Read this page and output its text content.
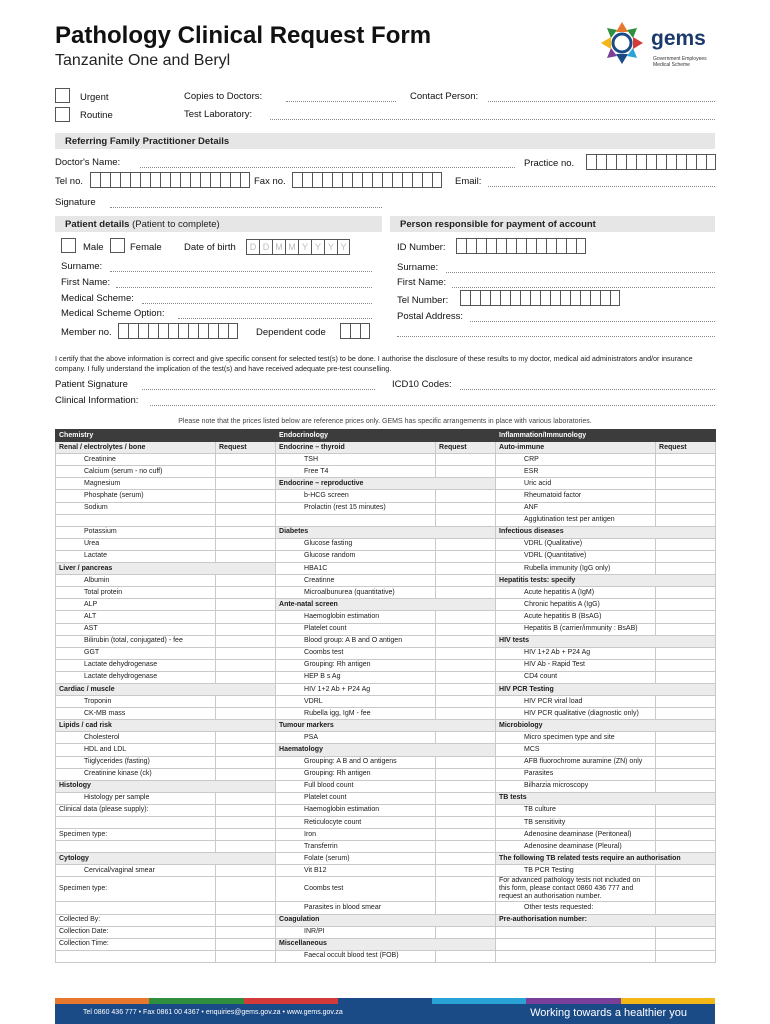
Pathology Clinical Request Form
Tanzanite One and Beryl
gems
Government Employees
Medical Scheme
Urgent
Routine
Copies to Doctors:	Contact Person:
Test Laboratory:
Referring Family Practitioner Details
Doctor's Name:	Practice no.
Tel no.	Fax no.	Email:
Signature
Patient details (Patient to complete)
Male	Female Date of birth	D D M M Y Y Y Y
Surname:
First Name:
Medical Scheme:
Medical Scheme Option:
Member no.	Dependent code
Person responsible for payment of account
ID Number:
Surname:
First Name:
Tel Number:
Postal Address:
I certify that the above information is correct and give specific consent for selected test(s) to be done. I authorise the disclosure of these results to my doctor, medical aid administrators and/or insurance company. I fully understand the implication of the test(s) and have received adequate pre-test counselling.
Patient Signature	ICD10 Codes:
Clinical Information:
Please note that the prices listed below are reference prices only. GEMS has specific arrangements in place with various laboratories.
Chemistry		Endocrinology		Inflammation/Immunology	
Renal / electrolytes / bone	Request	Endocrine – thyroid	Request	Auto-immune	Request
Creatinine		TSH		CRP	
Calcium (serum - no cuff)		Free T4		ESR	
Magnesium		Endocrine – reproductive		Uric acid	
Phosphate (serum)		b-HCG screen		Rheumatoid factor	
Sodium		Prolactin (rest 15 minutes)		ANF	
				Agglutination test per antigen	
Potassium		Diabetes		Infectious diseases	
Urea		Glucose fasting		VDRL (Qualitative)	
Lactate		Glucose random		VDRL (Quantitative)	
Liver / pancreas		HBA1C		Rubella immunity (IgG only)	
Albumin		Creatinne		Hepatitis tests: specify	
Total protein		Microalbunurea (quantitative)		Acute hepatitis A (IgM)	
ALP		Ante-natal screen		Chronic hepatitis A (IgG)	
ALT		Haemoglobin estimation		Acute hepatitis B (BsAG)	
AST		Platelet count		Hepatitis B (carrier/immunity : BsAB)	
Bilirubin (total, conjugated) - fee		Blood group: A B and O antigen		HIV tests	
GGT		Coombs test		HIV 1+2 Ab + P24 Ag	
Lactate dehydrogenase		Grouping: Rh antigen		HIV Ab - Rapid Test	
Lactate dehydrogenase		HEP B s Ag		CD4 count	
Cardiac / muscle		HIV 1+2 Ab + P24 Ag		HIV PCR Testing	
Troponin		VDRL		HIV PCR viral load	
CK-MB mass		Rubella igg, IgM - fee		HIV PCR qualitative (diagnostic only)	
Lipids / cad risk		Tumour markers		Microbiology	
Cholesterol		PSA		Micro specimen type and site	
HDL and LDL		Haematology		MCS	
Tiiglycerides (fasting)		Grouping: A B and O antigens		AFB fluorochrome auramine (ZN) only	
Creatinine kinase (ck)		Grouping: Rh antigen		Parasites	
Histology		Full blood count		Bilharzia microscopy	
Histology per sample		Platelet count		TB tests	
Clinical data (please supply):		Haemoglobin estimation		TB culture	
		Reticulocyte count		TB sensitivity	
Specimen type:		Iron		Adenosine deaminase (Peritoneal)	
		Transferrin		Adenosine deaminase (Pleural)	
Cytology		Folate (serum)		The following TB related tests require an authorisation	
Cervical/vaginal smear		Vit B12		TB PCR Testing	
Specimen type:		Coombs test		For advanced pathology tests not included on this form, please contact 0860 436 777 and request an authorisation number.	
		Parasites in blood smear		Other tests requested:	
Collected By:		Coagulation		Pre-authorisation number:	
Collection Date:		INR/PI			
Collection Time:		Miscellaneous			
		Faecal occult blood test (FOB)			
Tel 0860 436 777 • Fax 0861 00 4367 • enquiries@gems.gov.za • www.gems.gov.za	Working towards a healthier you
